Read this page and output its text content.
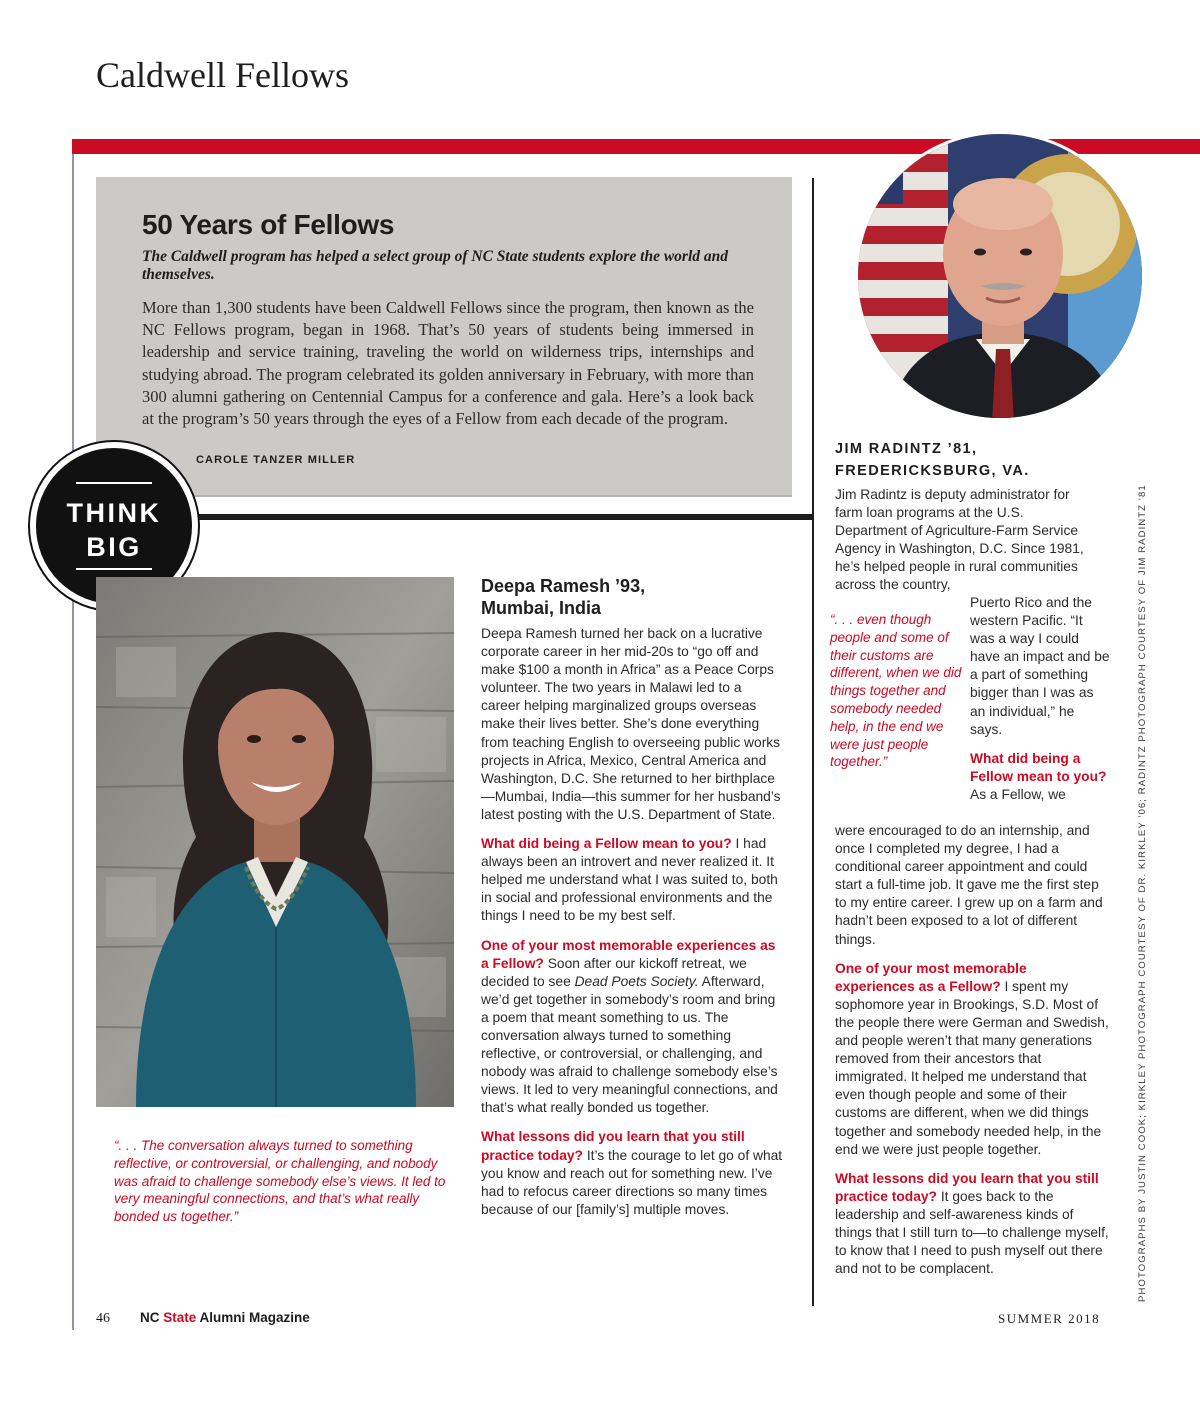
Caldwell Fellows
50 Years of Fellows
The Caldwell program has helped a select group of NC State students explore the world and themselves.
More than 1,300 students have been Caldwell Fellows since the program, then known as the NC Fellows program, began in 1968. That’s 50 years of students being immersed in leadership and service training, traveling the world on wilderness trips, internships and studying abroad. The program celebrated its golden anniversary in February, with more than 300 alumni gathering on Centennial Campus for a conference and gala. Here’s a look back at the program’s 50 years through the eyes of a Fellow from each decade of the program.
CAROLE TANZER MILLER
THINK
BIG
“. . . The conversation always turned to something reflective, or controversial, or challenging, and nobody was afraid to challenge somebody else’s views. It led to very meaningful connections, and that’s what really bonded us together.”
Deepa Ramesh ’93,
Mumbai, India
Deepa Ramesh turned her back on a lucrative corporate career in her mid-20s to “go off and make $100 a month in Africa” as a Peace Corps volunteer. The two years in Malawi led to a career helping marginalized groups overseas make their lives better. She’s done everything from teaching English to overseeing public works projects in Africa, Mexico, Central America and Washington, D.C. She returned to her birthplace—Mumbai, India—this summer for her husband’s latest posting with the U.S. Department of State.
What did being a Fellow mean to you? I had always been an introvert and never realized it. It helped me understand what I was suited to, both in social and professional environments and the things I need to be my best self.
One of your most memorable experiences as a Fellow? Soon after our kickoff retreat, we decided to see Dead Poets Society. Afterward, we’d get together in somebody’s room and bring a poem that meant something to us. The conversation always turned to something reflective, or controversial, or challenging, and nobody was afraid to challenge somebody else’s views. It led to very meaningful connections, and that’s what really bonded us together.
What lessons did you learn that you still practice today? It’s the courage to let go of what you know and reach out for something new. I’ve had to refocus career directions so many times because of our [family’s] multiple moves.
JIM RADINTZ ’81,
FREDERICKSBURG, VA.
Jim Radintz is deputy administrator for farm loan programs at the U.S. Department of Agriculture-Farm Service Agency in Washington, D.C. Since 1981, he’s helped people in rural communities across the country,
Puerto Rico and the western Pacific. “It was a way I could have an impact and be a part of something bigger than I was as an individual,” he says.
What did being a Fellow mean to you?As a Fellow, we
“. . . even though people and some of their customs are different, when we did things together and somebody needed help, in the end we were just people together.”
were encouraged to do an internship, and once I completed my degree, I had a conditional career appointment and could start a full-time job. It gave me the first step to my entire career. I grew up on a farm and hadn’t been exposed to a lot of different things.
One of your most memorable experiences as a Fellow? I spent my sophomore year in Brookings, S.D. Most of the people there were German and Swedish, and people weren’t that many generations removed from their ancestors that immigrated. It helped me understand that even though people and some of their customs are different, when we did things together and somebody needed help, in the end we were just people together.
What lessons did you learn that you still practice today? It goes back to the leadership and self-awareness kinds of things that I still turn to—to challenge myself, to know that I need to push myself out there and not to be complacent.	PHOTOGRAPHS BY JUSTIN COOK; KIRKLEY PHOTOGRAPH COURTESY OF DR. KIRKLEY ’06; RADINTZ PHOTOGRAPH COURTESY OF JIM RADINTZ ’81
46 NC State Alumni Magazine	SUMMER 2018
